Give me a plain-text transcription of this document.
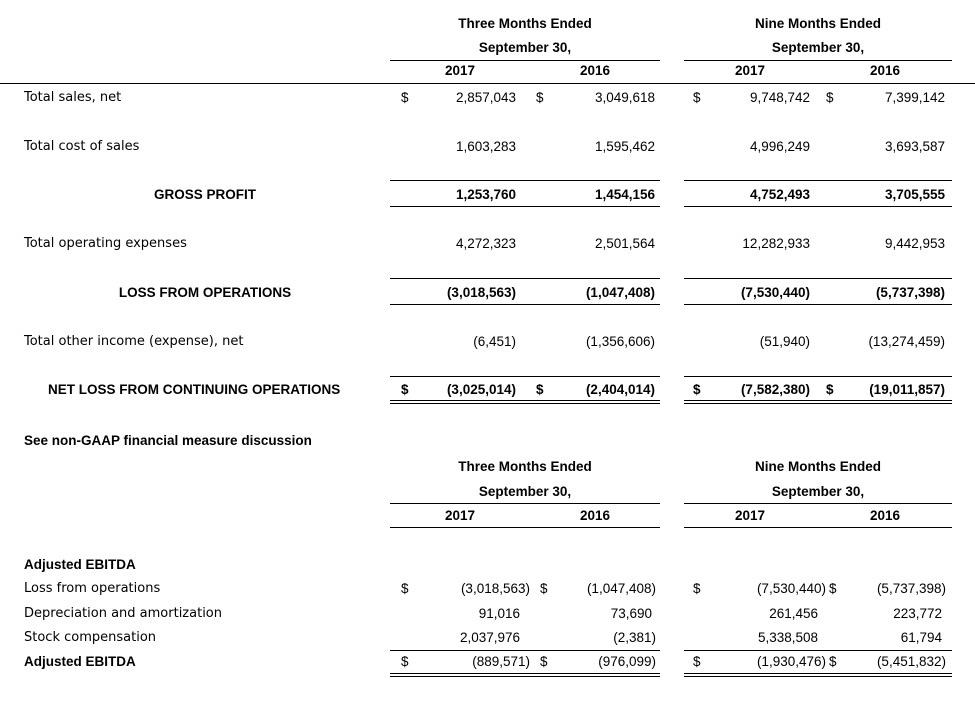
Three Months Ended
September 30,
Nine Months Ended
September 30,
2017	2016	2017	2016
Total sales, net	$	2,857,043 $	3,049,618	$	9,748,742 $	7,399,142
Total cost of sales	1,603,283	1,595,462	4,996,249	3,693,587
GROSS PROFIT	1,253,760	1,454,156	4,752,493	3,705,555
Total operating expenses	4,272,323	2,501,564	12,282,933	9,442,953
LOSS FROM OPERATIONS	(3,018,563)	(1,047,408)	(7,530,440)	(5,737,398)
Total other income (expense), net	(6,451)	(1,356,606)	(51,940)	(13,274,459)
NET LOSS FROM CONTINUING OPERATIONS	$	(3,025,014) $	(2,404,014)	$	(7,582,380) $	(19,011,857)
See non-GAAP financial measure discussion
Three Months Ended
September 30,
Nine Months Ended
September 30,
2017	2016	2017	2016
Adjusted EBITDA
Loss from operations	$	(3,018,563) $	(1,047,408)	$	(7,530,440) $	(5,737,398)
Depreciation and amortization	91,016	73,690	261,456	223,772
Stock compensation	2,037,976	(2,381)	5,338,508	61,794
Adjusted EBITDA	$	(889,571) $	(976,099)	$	(1,930,476) $	(5,451,832)
